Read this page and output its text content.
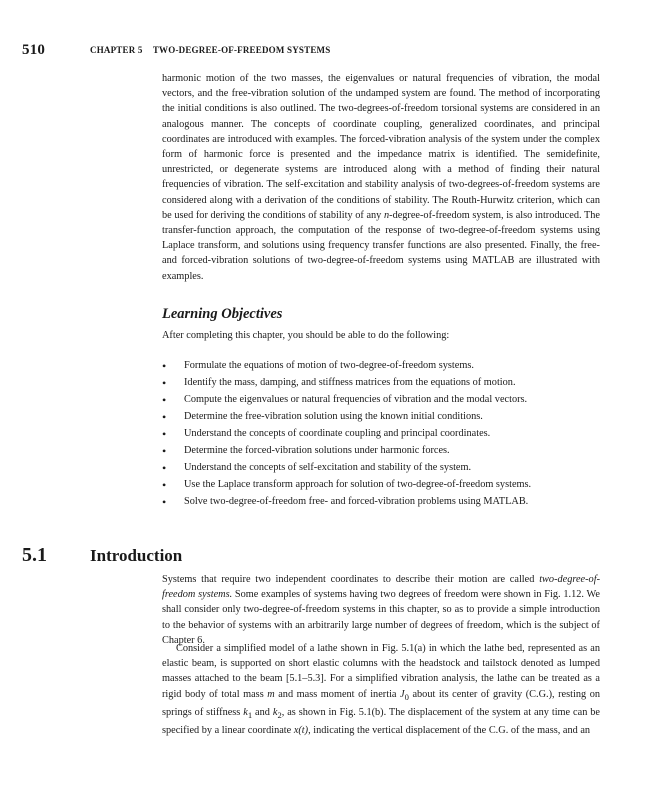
510	CHAPTER 5 TWO-DEGREE-OF-FREEDOM SYSTEMS
harmonic motion of the two masses, the eigenvalues or natural frequencies of vibration, the modal vectors, and the free-vibration solution of the undamped system are found. The method of incorporating the initial conditions is also outlined. The two-degrees-of-freedom torsional systems are considered in an analogous manner. The concepts of coordinate coupling, generalized coordinates, and principal coordinates are introduced with examples. The forced-vibration analysis of the system under the complex form of harmonic force is presented and the impedance matrix is identified. The semidefinite, unrestricted, or degenerate systems are introduced along with a method of finding their natural frequencies of vibration. The self-excitation and stability analysis of two-degrees-of-freedom systems are considered along with a derivation of the conditions of stability. The Routh-Hurwitz criterion, which can be used for deriving the conditions of stability of any n-degree-of-freedom system, is also introduced. The transfer-function approach, the computation of the response of two-degree-of-freedom systems using Laplace transform, and solutions using frequency transfer functions are also presented. Finally, the free- and forced-vibration solutions of two-degree-of-freedom systems using MATLAB are illustrated with examples.
Learning Objectives
After completing this chapter, you should be able to do the following:
• Formulate the equations of motion of two-degree-of-freedom systems.
• Identify the mass, damping, and stiffness matrices from the equations of motion.
• Compute the eigenvalues or natural frequencies of vibration and the modal vectors.
• Determine the free-vibration solution using the known initial conditions.
• Understand the concepts of coordinate coupling and principal coordinates.
• Determine the forced-vibration solutions under harmonic forces.
• Understand the concepts of self-excitation and stability of the system.
• Use the Laplace transform approach for solution of two-degree-of-freedom systems.
• Solve two-degree-of-freedom free- and forced-vibration problems using MATLAB.
5.1	Introduction

Systems that require two independent coordinates to describe their motion are called two-degree-of-freedom systems. Some examples of systems having two degrees of freedom were shown in Fig. 1.12. We shall consider only two-degree-of-freedom systems in this chapter, so as to provide a simple introduction to the behavior of systems with an arbitrarily large number of degrees of freedom, which is the subject of Chapter 6.

Consider a simplified model of a lathe shown in Fig. 5.1(a) in which the lathe bed, represented as an elastic beam, is supported on short elastic columns with the headstock and tailstock denoted as lumped masses attached to the beam [5.1–5.3]. For a simplified vibration analysis, the lathe can be treated as a rigid body of total mass m and mass moment of inertia $J_0$ about its center of gravity (C.G.), resting on springs of stiffness $k_1$ and $k_2$, as shown in Fig. 5.1(b). The displacement of the system at any time can be specified by a linear coordinate x(t), indicating the vertical displacement of the C.G. of the mass, and an
